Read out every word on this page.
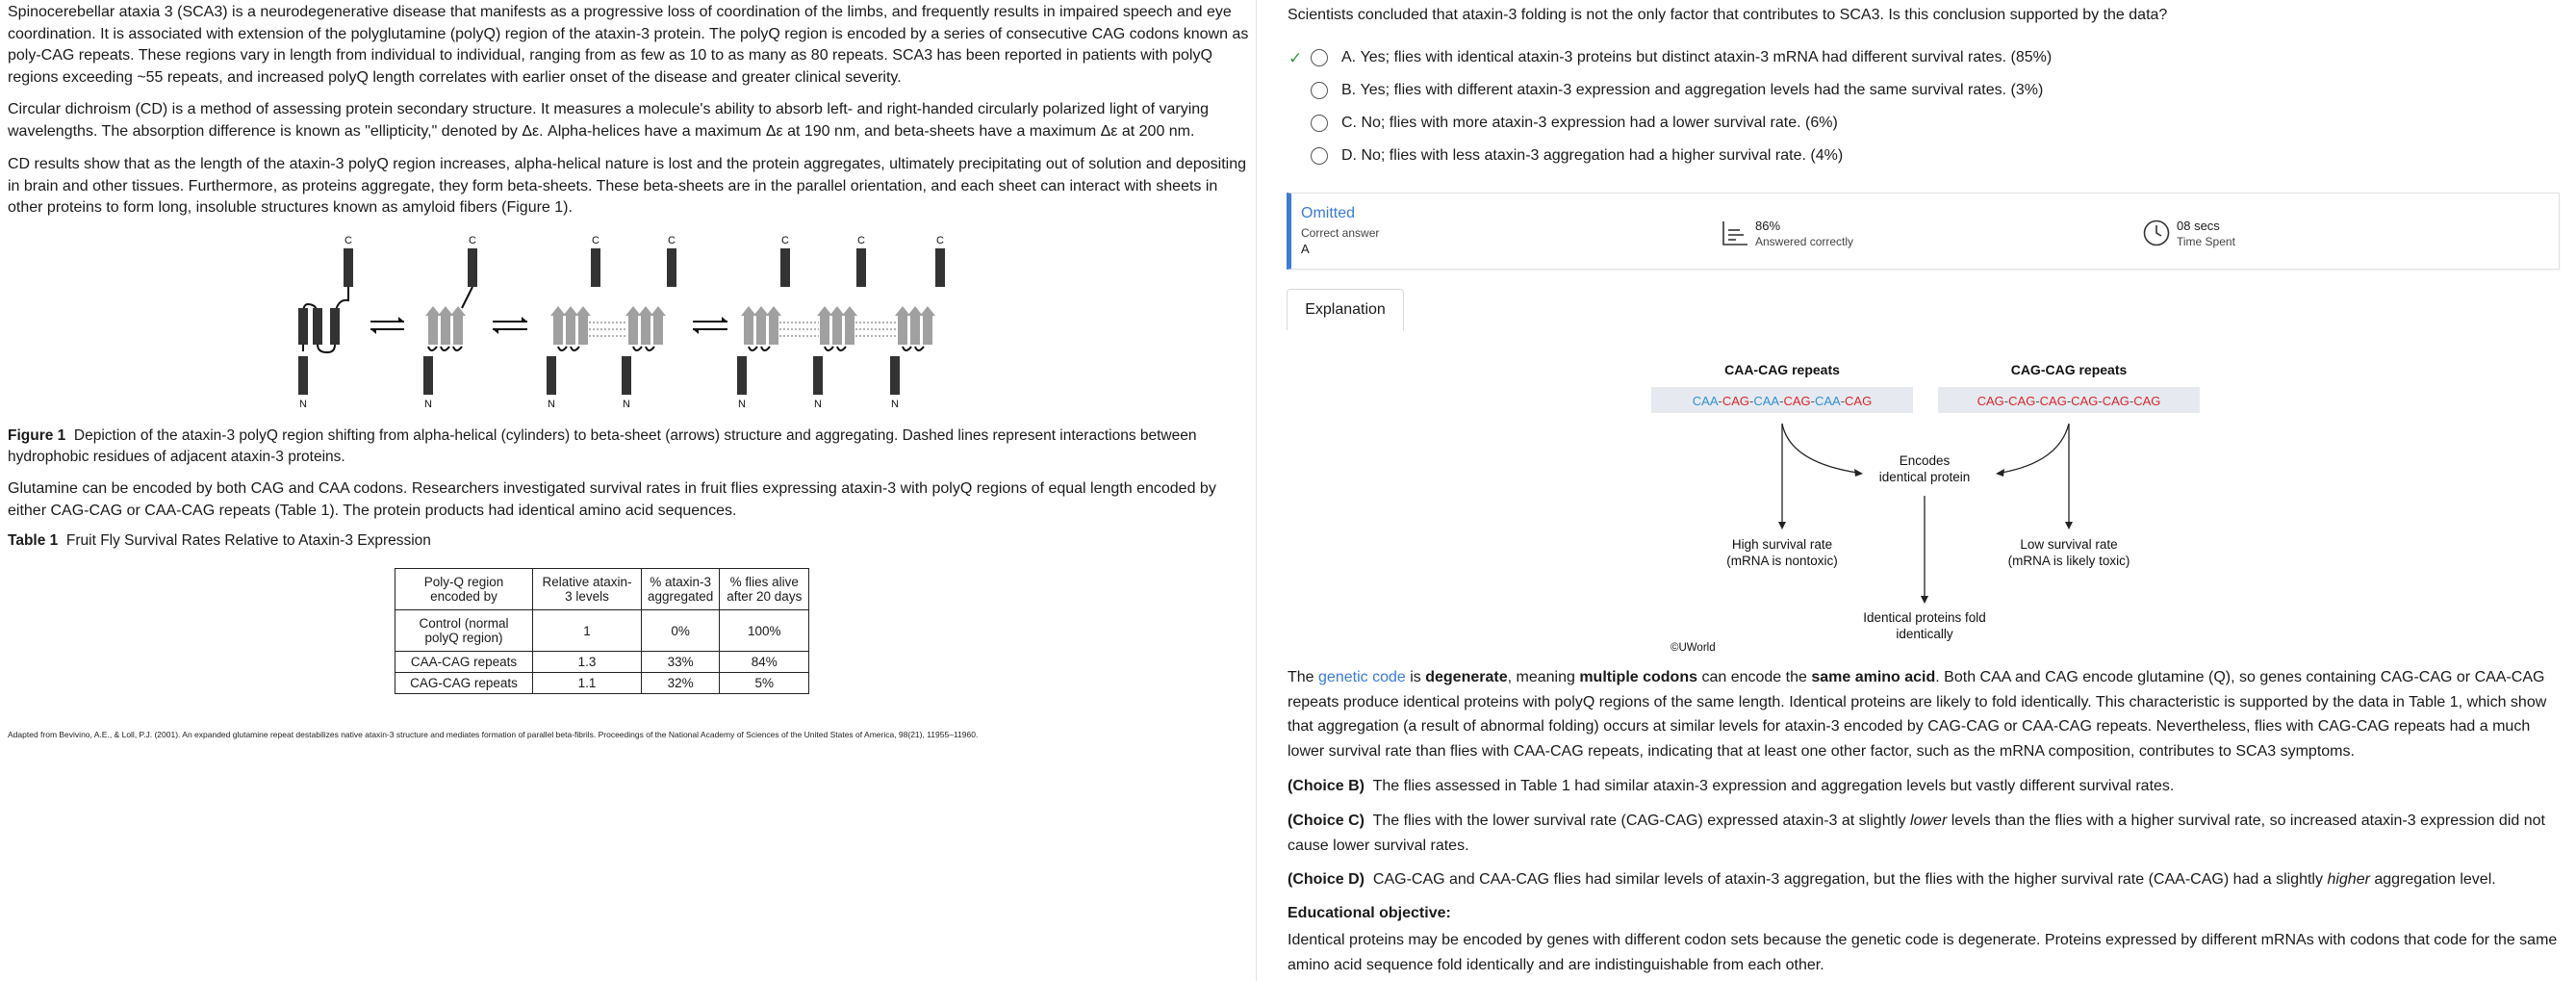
Spinocerebellar ataxia 3 (SCA3) is a neurodegenerative disease that manifests as a progressive loss of coordination of the limbs, and frequently results in impaired speech and eye coordination. It is associated with extension of the polyglutamine (polyQ) region of the ataxin-3 protein. The polyQ region is encoded by a series of consecutive CAG codons known as poly-CAG repeats. These regions vary in length from individual to individual, ranging from as few as 10 to as many as 80 repeats. SCA3 has been reported in patients with polyQ regions exceeding ~55 repeats, and increased polyQ length correlates with earlier onset of the disease and greater clinical severity.

Circular dichroism (CD) is a method of assessing protein secondary structure. It measures a molecule's ability to absorb left- and right-handed circularly polarized light of varying wavelengths. The absorption difference is known as "ellipticity," denoted by Δε. Alpha-helices have a maximum Δε at 190 nm, and beta-sheets have a maximum Δε at 200 nm.

CD results show that as the length of the ataxin-3 polyQ region increases, alpha-helical nature is lost and the protein aggregates, ultimately precipitating out of solution and depositing in brain and other tissues. Furthermore, as proteins aggregate, they form beta-sheets. These beta-sheets are in the parallel orientation, and each sheet can interact with sheets in other proteins to form long, insoluble structures known as amyloid fibers (Figure 1).

C	C	C	C	C	C	C
N	N	N	N	N	N	N

Figure 1 Depiction of the ataxin-3 polyQ region shifting from alpha-helical (cylinders) to beta-sheet (arrows) structure and aggregating. Dashed lines represent interactions between hydrophobic residues of adjacent ataxin-3 proteins.

Glutamine can be encoded by both CAG and CAA codons. Researchers investigated survival rates in fruit flies expressing ataxin-3 with polyQ regions of equal length encoded by either CAG-CAG or CAA-CAG repeats (Table 1). The protein products had identical amino acid sequences.

Table 1 Fruit Fly Survival Rates Relative to Ataxin-3 Expression

Poly-Q region encoded by	Relative ataxin-3 levels	% ataxin-3 aggregated	% flies alive after 20 days
Control (normal polyQ region)	1	0%	100%
CAA-CAG repeats	1.3	33%	84%
CAG-CAG repeats	1.1	32%	5%
Adapted from Bevivino, A.E., & Loll, P.J. (2001). An expanded glutamine repeat destabilizes native ataxin-3 structure and mediates formation of parallel beta-fibrils. Proceedings of the National Academy of Sciences of the United States of America, 98(21), 11955–11960.
Scientists concluded that ataxin-3 folding is not the only factor that contributes to SCA3. Is this conclusion supported by the data?
✓	A.
Yes; flies with identical ataxin-3 proteins but distinct ataxin-3 mRNA had different survival rates.
(85%)
B.
Yes; flies with different ataxin-3 expression and aggregation levels had the same survival rates.
(3%)
C.
No; flies with more ataxin-3 expression had a lower survival rate.
(6%)
D.
No; flies with less ataxin-3 aggregation had a higher survival rate.
(4%)
Omitted
Correct answer
A
86%
Answered correctly
08 secs
Time Spent
Explanation
CAA-CAG repeats	CAG-CAG repeats
CAA-CAG-CAA-CAG-CAA-CAG	CAG-CAG-CAG-CAG-CAG-CAG
Encodes
identical protein
High survival rate
(mRNA is nontoxic)
Low survival rate
(mRNA is likely toxic)
Identical proteins fold
identically
©UWorld

The genetic code is degenerate, meaning multiple codons can encode the same amino acid. Both CAA and CAG encode glutamine (Q), so genes containing CAG-CAG or CAA-CAG repeats produce identical proteins with polyQ regions of the same length. Identical proteins are likely to fold identically. This characteristic is supported by the data in Table 1, which show that aggregation (a result of abnormal folding) occurs at similar levels for ataxin-3 encoded by CAG-CAG or CAA-CAG repeats. Nevertheless, flies with CAG-CAG repeats had a much lower survival rate than flies with CAA-CAG repeats, indicating that at least one other factor, such as the mRNA composition, contributes to SCA3 symptoms.

(Choice B) The flies assessed in Table 1 had similar ataxin-3 expression and aggregation levels but vastly different survival rates.

(Choice C) The flies with the lower survival rate (CAG-CAG) expressed ataxin-3 at slightly lower levels than the flies with a higher survival rate, so increased ataxin-3 expression did not cause lower survival rates.

(Choice D) CAG-CAG and CAA-CAG flies had similar levels of ataxin-3 aggregation, but the flies with the higher survival rate (CAA-CAG) had a slightly higher aggregation level.

Educational objective:

Identical proteins may be encoded by genes with different codon sets because the genetic code is degenerate. Proteins expressed by different mRNAs with codons that code for the same amino acid sequence fold identically and are indistinguishable from each other.
